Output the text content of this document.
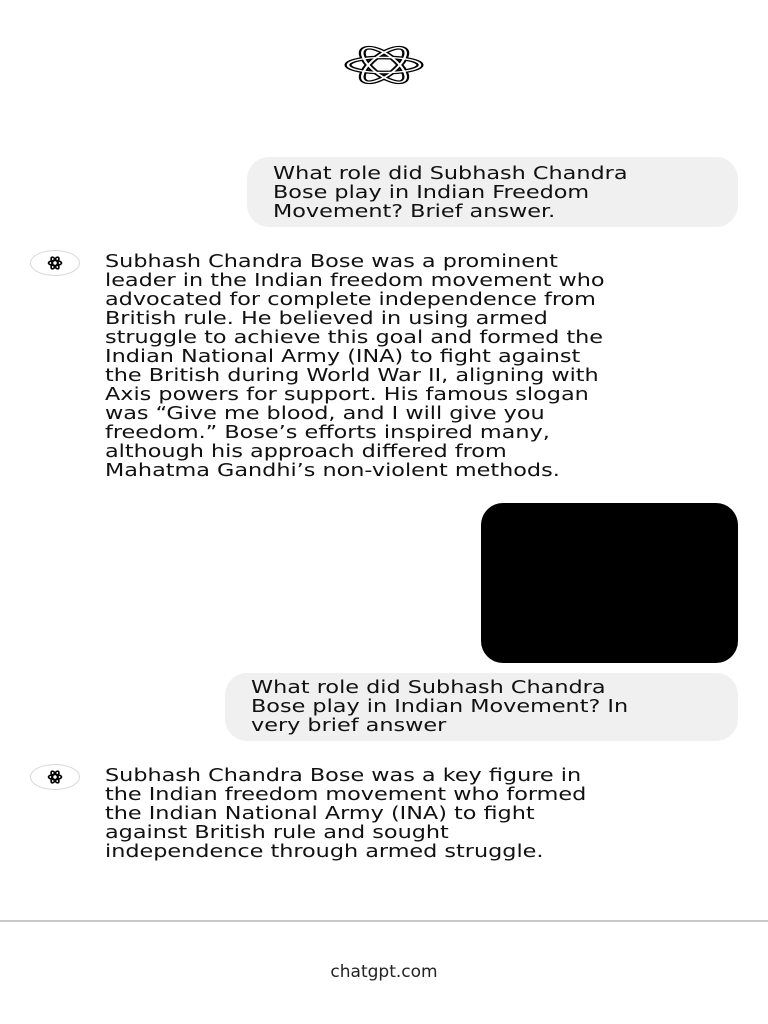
What role did Subhash Chandra
Bose play in Indian Freedom
Movement? Brief answer.
Subhash Chandra Bose was a prominent
leader in the Indian freedom movement who
advocated for complete independence from
British rule. He believed in using armed
struggle to achieve this goal and formed the
Indian National Army (INA) to fight against
the British during World War II, aligning with
Axis powers for support. His famous slogan
was “Give me blood, and I will give you
freedom.” Bose’s efforts inspired many,
although his approach differed from
Mahatma Gandhi’s non-violent methods.
What role did Subhash Chandra
Bose play in Indian Movement? In
very brief answer
Subhash Chandra Bose was a key figure in
the Indian freedom movement who formed
the Indian National Army (INA) to fight
against British rule and sought
independence through armed struggle.
chatgpt.com
